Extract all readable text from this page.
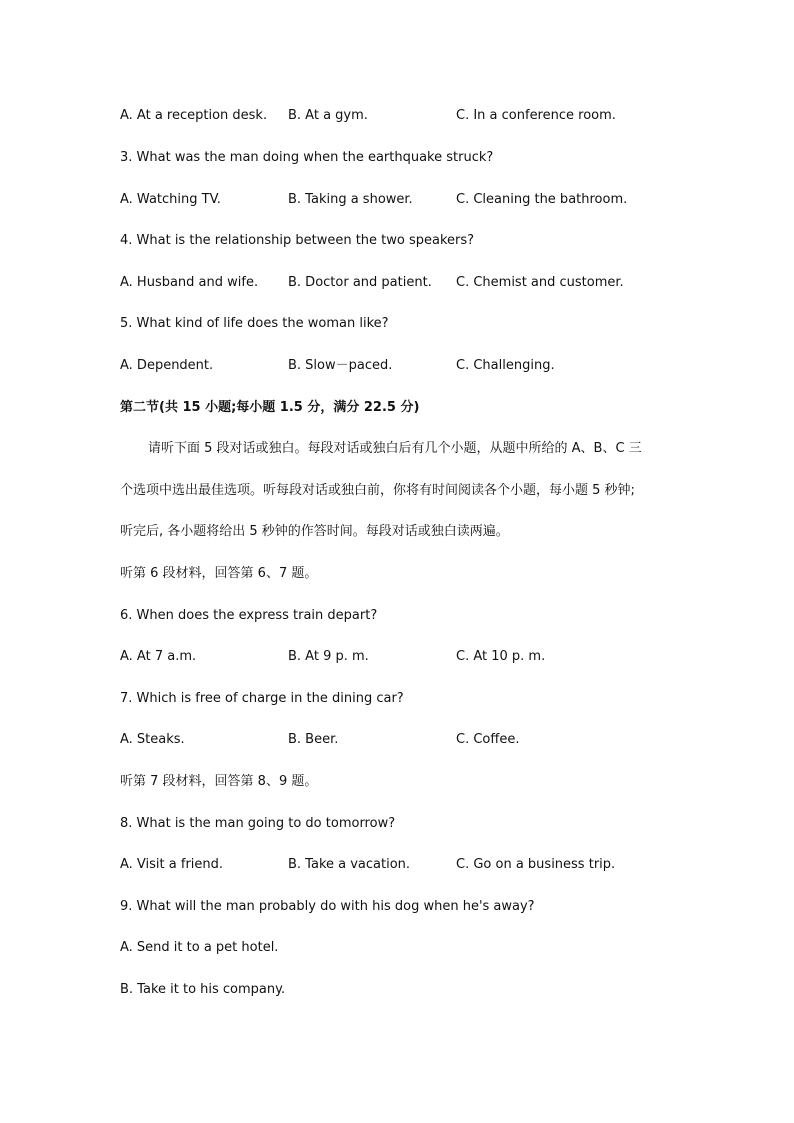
A. At a reception desk. B. At a gym.	C. In a conference room.
3. What was the man doing when the earthquake struck?
A. Watching TV.	B. Taking a shower.	C. Cleaning the bathroom.
4. What is the relationship between the two speakers?
A. Husband and wife. B. Doctor and patient. C. Chemist and customer.
5. What kind of life does the woman like?
A. Dependent.	B. Slow－paced.	C. Challenging.
第二节(共 15 小题;每小题 1.5 分，满分 22.5 分)
请听下面 5 段对话或独白。每段对话或独白后有几个小题，从题中所给的 A、B、C 三
个选项中选出最佳选项。听每段对话或独白前，你将有时间阅读各个小题，每小题 5 秒钟;
听完后, 各小题将给出 5 秒钟的作答时间。每段对话或独白读两遍。
听第 6 段材料，回答第 6、7 题。
6. When does the express train depart?
A. At 7 a.m.	B. At 9 p. m.	C. At 10 p. m.
7. Which is free of charge in the dining car?
A. Steaks.	B. Beer.	C. Coffee.
听第 7 段材料，回答第 8、9 题。
8. What is the man going to do tomorrow?
A. Visit a friend.	B. Take a vacation.	C. Go on a business trip.
9. What will the man probably do with his dog when he's away?
A. Send it to a pet hotel.
B. Take it to his company.
